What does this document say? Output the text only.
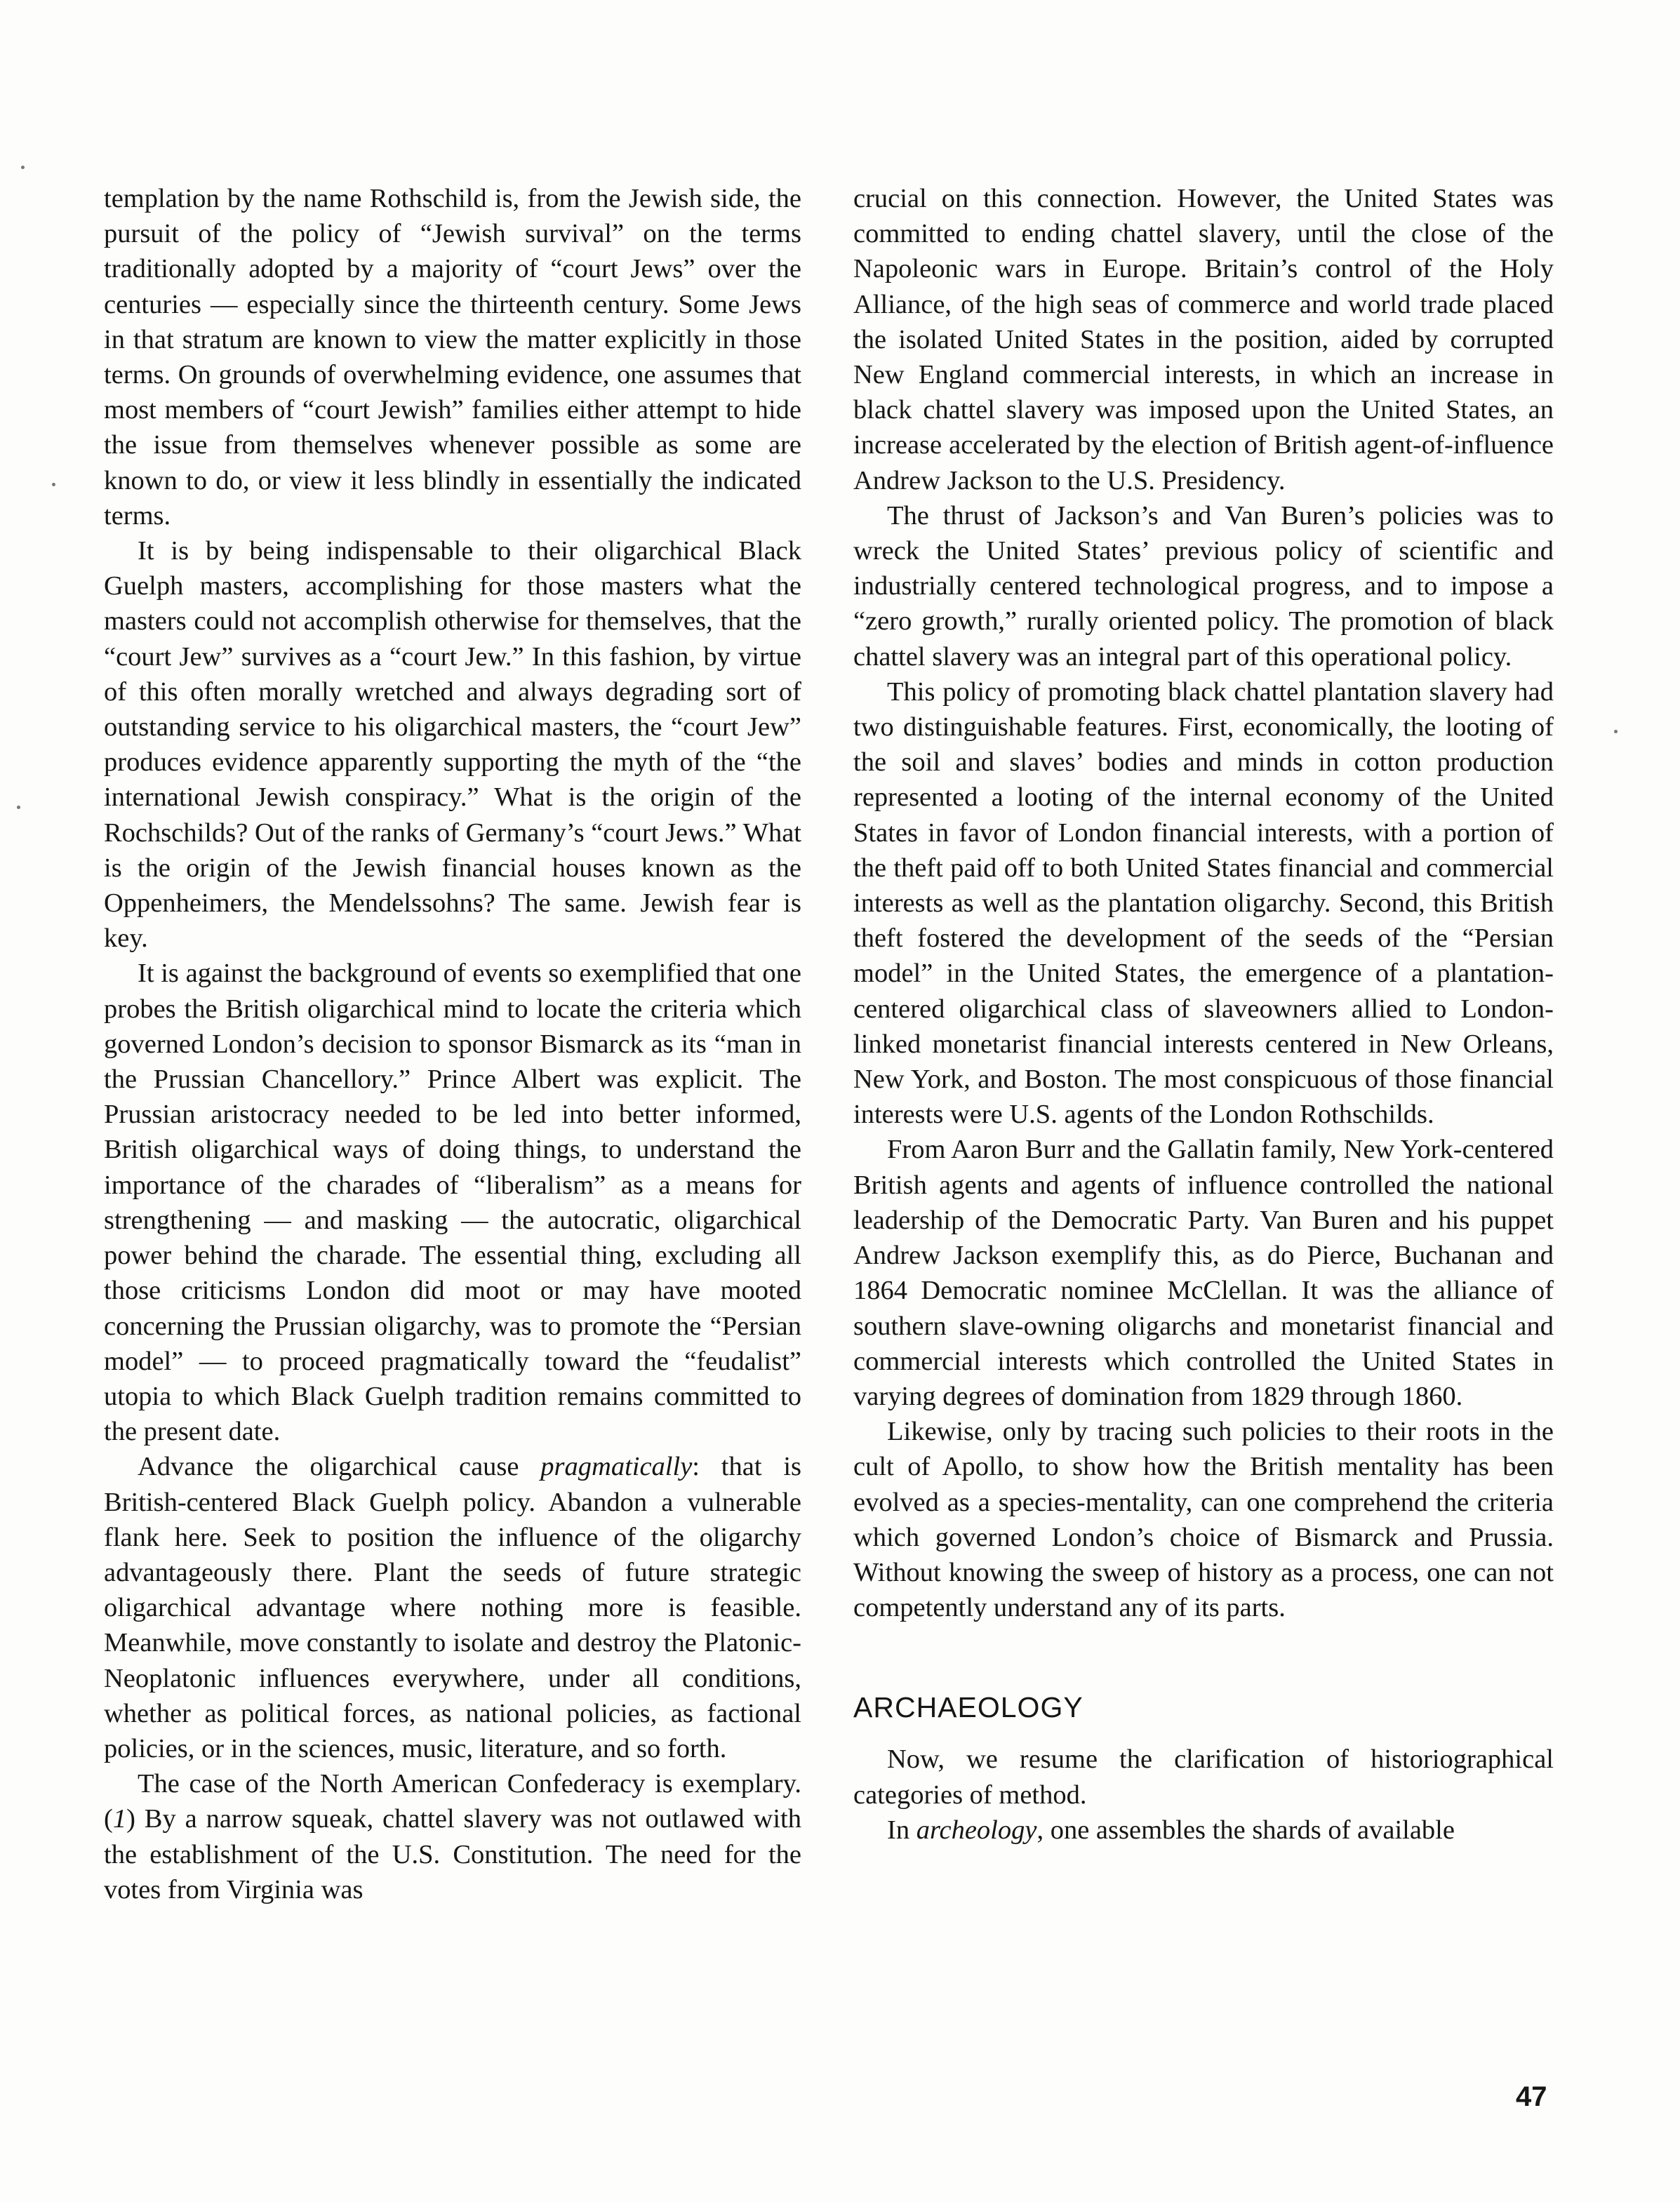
templation by the name Rothschild is, from the Jewish side, the pursuit of the policy of “Jewish survival” on the terms traditionally adopted by a majority of “court Jews” over the centuries — especially since the thirteenth century. Some Jews in that stratum are known to view the matter explicitly in those terms. On grounds of overwhelming evidence, one assumes that most members of “court Jewish” families either attempt to hide the issue from themselves whenever possible as some are known to do, or view it less blindly in essentially the indicated terms.

It is by being indispensable to their oligarchical Black Guelph masters, accomplishing for those masters what the masters could not accomplish otherwise for themselves, that the “court Jew” survives as a “court Jew.” In this fashion, by virtue of this often morally wretched and always degrading sort of outstanding service to his oligarchical masters, the “court Jew” produces evidence apparently supporting the myth of the “the international Jewish conspiracy.” What is the origin of the Rochschilds? Out of the ranks of Germany’s “court Jews.” What is the origin of the Jewish financial houses known as the Oppenheimers, the Mendelssohns? The same. Jewish fear is key.

It is against the background of events so exemplified that one probes the British oligarchical mind to locate the criteria which governed London’s decision to sponsor Bismarck as its “man in the Prussian Chancellory.” Prince Albert was explicit. The Prussian aristocracy needed to be led into better informed, British oligarchical ways of doing things, to understand the importance of the charades of “liberalism” as a means for strengthening — and masking — the autocratic, oligarchical power behind the charade. The essential thing, excluding all those criticisms London did moot or may have mooted concerning the Prussian oligarchy, was to promote the “Persian model” — to proceed pragmatically toward the “feudalist” utopia to which Black Guelph tradition remains committed to the present date.

Advance the oligarchical cause pragmatically: that is British-centered Black Guelph policy. Abandon a vulnerable flank here. Seek to position the influence of the oligarchy advantageously there. Plant the seeds of future strategic oligarchical advantage where nothing more is feasible. Meanwhile, move constantly to isolate and destroy the Platonic-Neoplatonic influences everywhere, under all conditions, whether as political forces, as national policies, as factional policies, or in the sciences, music, literature, and so forth.

The case of the North American Confederacy is exemplary. (1) By a narrow squeak, chattel slavery was not outlawed with the establishment of the U.S. Constitution. The need for the votes from Virginia was

crucial on this connection. However, the United States was committed to ending chattel slavery, until the close of the Napoleonic wars in Europe. Britain’s control of the Holy Alliance, of the high seas of commerce and world trade placed the isolated United States in the position, aided by corrupted New England commercial interests, in which an increase in black chattel slavery was imposed upon the United States, an increase accelerated by the election of British agent-of-influence Andrew Jackson to the U.S. Presidency.

The thrust of Jackson’s and Van Buren’s policies was to wreck the United States’ previous policy of scientific and industrially centered technological progress, and to impose a “zero growth,” rurally oriented policy. The promotion of black chattel slavery was an integral part of this operational policy.

This policy of promoting black chattel plantation slavery had two distinguishable features. First, economically, the looting of the soil and slaves’ bodies and minds in cotton production represented a looting of the internal economy of the United States in favor of London financial interests, with a portion of the theft paid off to both United States financial and commercial interests as well as the plantation oligarchy. Second, this British theft fostered the development of the seeds of the “Persian model” in the United States, the emergence of a plantation-centered oligarchical class of slaveowners allied to London-linked monetarist financial interests centered in New Orleans, New York, and Boston. The most conspicuous of those financial interests were U.S. agents of the London Rothschilds.

From Aaron Burr and the Gallatin family, New York-centered British agents and agents of influence controlled the national leadership of the Democratic Party. Van Buren and his puppet Andrew Jackson exemplify this, as do Pierce, Buchanan and 1864 Democratic nominee McClellan. It was the alliance of southern slave-owning oligarchs and monetarist financial and commercial interests which controlled the United States in varying degrees of domination from 1829 through 1860.

Likewise, only by tracing such policies to their roots in the cult of Apollo, to show how the British mentality has been evolved as a species-mentality, can one comprehend the criteria which governed London’s choice of Bismarck and Prussia. Without knowing the sweep of history as a process, one can not competently understand any of its parts.

ARCHAEOLOGY

Now, we resume the clarification of historiographical categories of method.

In archeology, one assembles the shards of available

47
